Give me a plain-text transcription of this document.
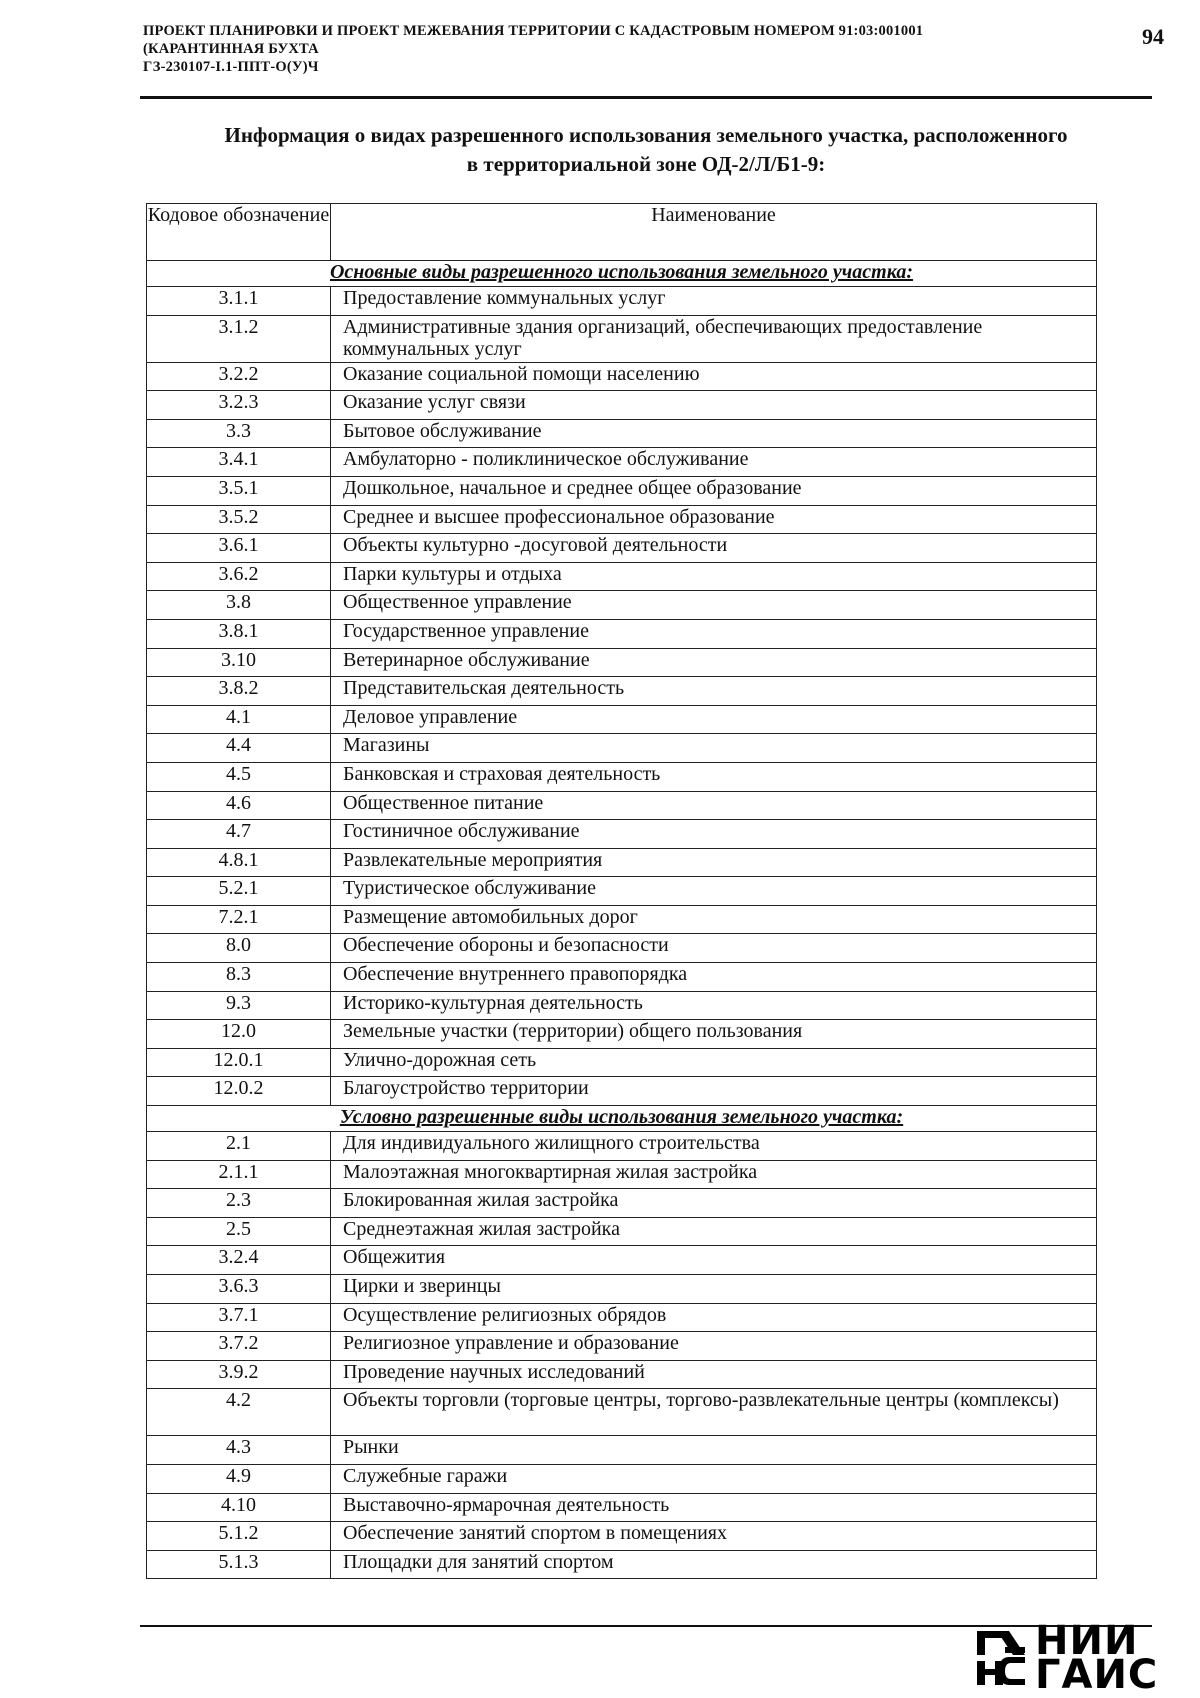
ПРОЕКТ ПЛАНИРОВКИ И ПРОЕКТ МЕЖЕВАНИЯ ТЕРРИТОРИИ С КАДАСТРОВЫМ НОМЕРОМ 91:03:001001
(КАРАНТИННАЯ БУХТА
ГЗ-230107-I.1-ППТ-О(У)Ч
94
Информация о видах разрешенного использования земельного участка, расположенного
в территориальной зоне ОД-2/Л/Б1-9:
Кодовое обозначение	Наименование
Основные виды разрешенного использования земельного участка:	
3.1.1	Предоставление коммунальных услуг
3.1.2	Административные здания организаций, обеспечивающих предоставление коммунальных услуг
3.2.2	Оказание социальной помощи населению
3.2.3	Оказание услуг связи
3.3	Бытовое обслуживание
3.4.1	Амбулаторно - поликлиническое обслуживание
3.5.1	Дошкольное, начальное и среднее общее образование
3.5.2	Среднее и высшее профессиональное образование
3.6.1	Объекты культурно -досуговой деятельности
3.6.2	Парки культуры и отдыха
3.8	Общественное управление
3.8.1	Государственное управление
3.10	Ветеринарное обслуживание
3.8.2	Представительская деятельность
4.1	Деловое управление
4.4	Магазины
4.5	Банковская и страховая деятельность
4.6	Общественное питание
4.7	Гостиничное обслуживание
4.8.1	Развлекательные мероприятия
5.2.1	Туристическое обслуживание
7.2.1	Размещение автомобильных дорог
8.0	Обеспечение обороны и безопасности
8.3	Обеспечение внутреннего правопорядка
9.3	Историко-культурная деятельность
12.0	Земельные участки (территории) общего пользования
12.0.1	Улично-дорожная сеть
12.0.2	Благоустройство территории
Условно разрешенные виды использования земельного участка:	
2.1	Для индивидуального жилищного строительства
2.1.1	Малоэтажная многоквартирная жилая застройка
2.3	Блокированная жилая застройка
2.5	Среднеэтажная жилая застройка
3.2.4	Общежития
3.6.3	Цирки и зверинцы
3.7.1	Осуществление религиозных обрядов
3.7.2	Религиозное управление и образование
3.9.2	Проведение научных исследований
4.2	Объекты торговли (торговые центры, торгово-развлекательные центры (комплексы)
4.3	Рынки
4.9	Служебные гаражи
4.10	Выставочно-ярмарочная деятельность
5.1.2	Обеспечение занятий спортом в помещениях
5.1.3	Площадки для занятий спортом
НИИ
ГАИС
